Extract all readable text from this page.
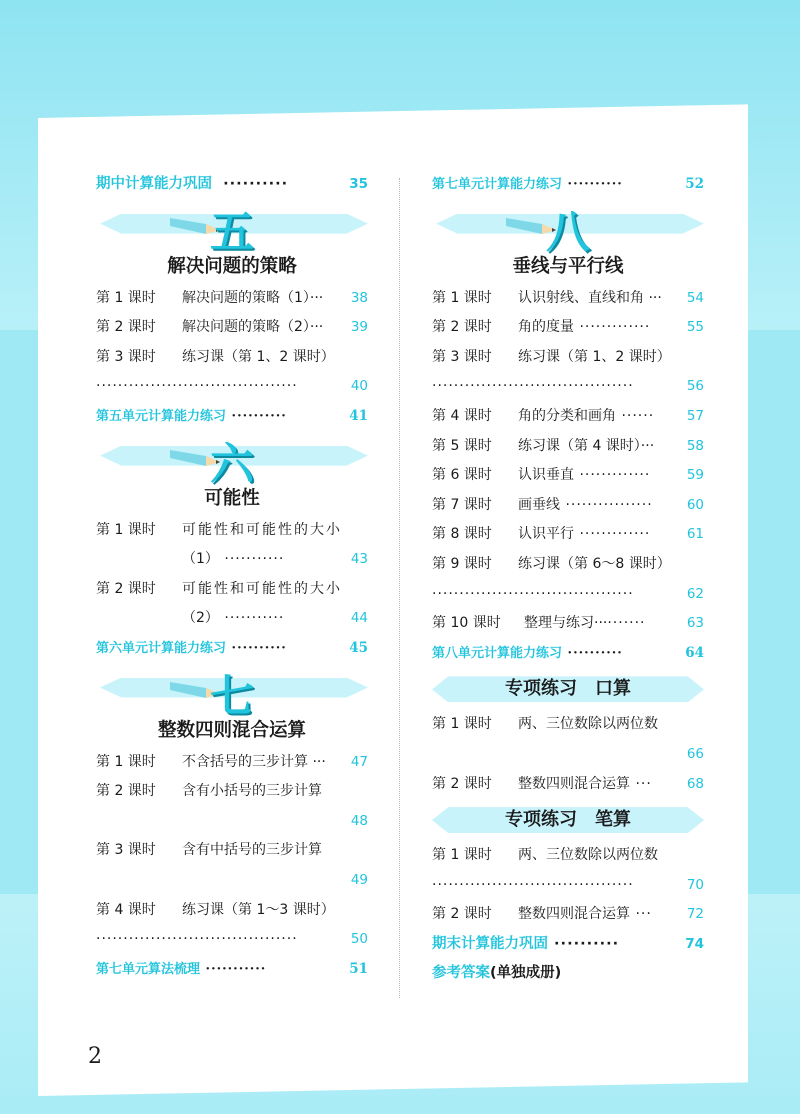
期中计算能力巩固  ··········	35
五
解决问题的策略
第 1 课时 解决问题的策略（1）··· 38
第 2 课时 解决问题的策略（2）··· 39
第 3 课时 练习课（第 1、2 课时）
·····································	40
第五单元计算能力练习 ··········	41
六
可能性
第 1 课时 可能性和可能性的大小
（1） ···········	43
第 2 课时 可能性和可能性的大小
（2） ···········	44
第六单元计算能力练习 ··········	45
七
整数四则混合运算
第 1 课时 不含括号的三步计算 ··· 47
第 2 课时 含有小括号的三步计算
48
第 3 课时 含有中括号的三步计算
49
第 4 课时 练习课（第 1～3 课时）
·····································	50
第七单元算法梳理 ···········	51
第七单元计算能力练习 ··········	52
八
垂线与平行线
第 1 课时 认识射线、直线和角 ··· 54
第 2 课时 角的度量 ·············	55
第 3 课时 练习课（第 1、2 课时）
·····································	56
第 4 课时 角的分类和画角 ······ 57
第 5 课时 练习课（第 4 课时）··· 58
第 6 课时 认识垂直 ·············	59
第 7 课时 画垂线 ················	60
第 8 课时 认识平行 ·············	61
第 9 课时 练习课（第 6～8 课时）
·····································	62
第 10 课时 整理与练习··········	63
第八单元计算能力练习 ··········	64
专项练习　口算
第 1 课时 两、三位数除以两位数
66
第 2 课时 整数四则混合运算 ···	68
专项练习　笔算
第 1 课时 两、三位数除以两位数
·····································	70
第 2 课时 整数四则混合运算 ···	72
期末计算能力巩固 ··········	74
参考答案(单独成册)
2
